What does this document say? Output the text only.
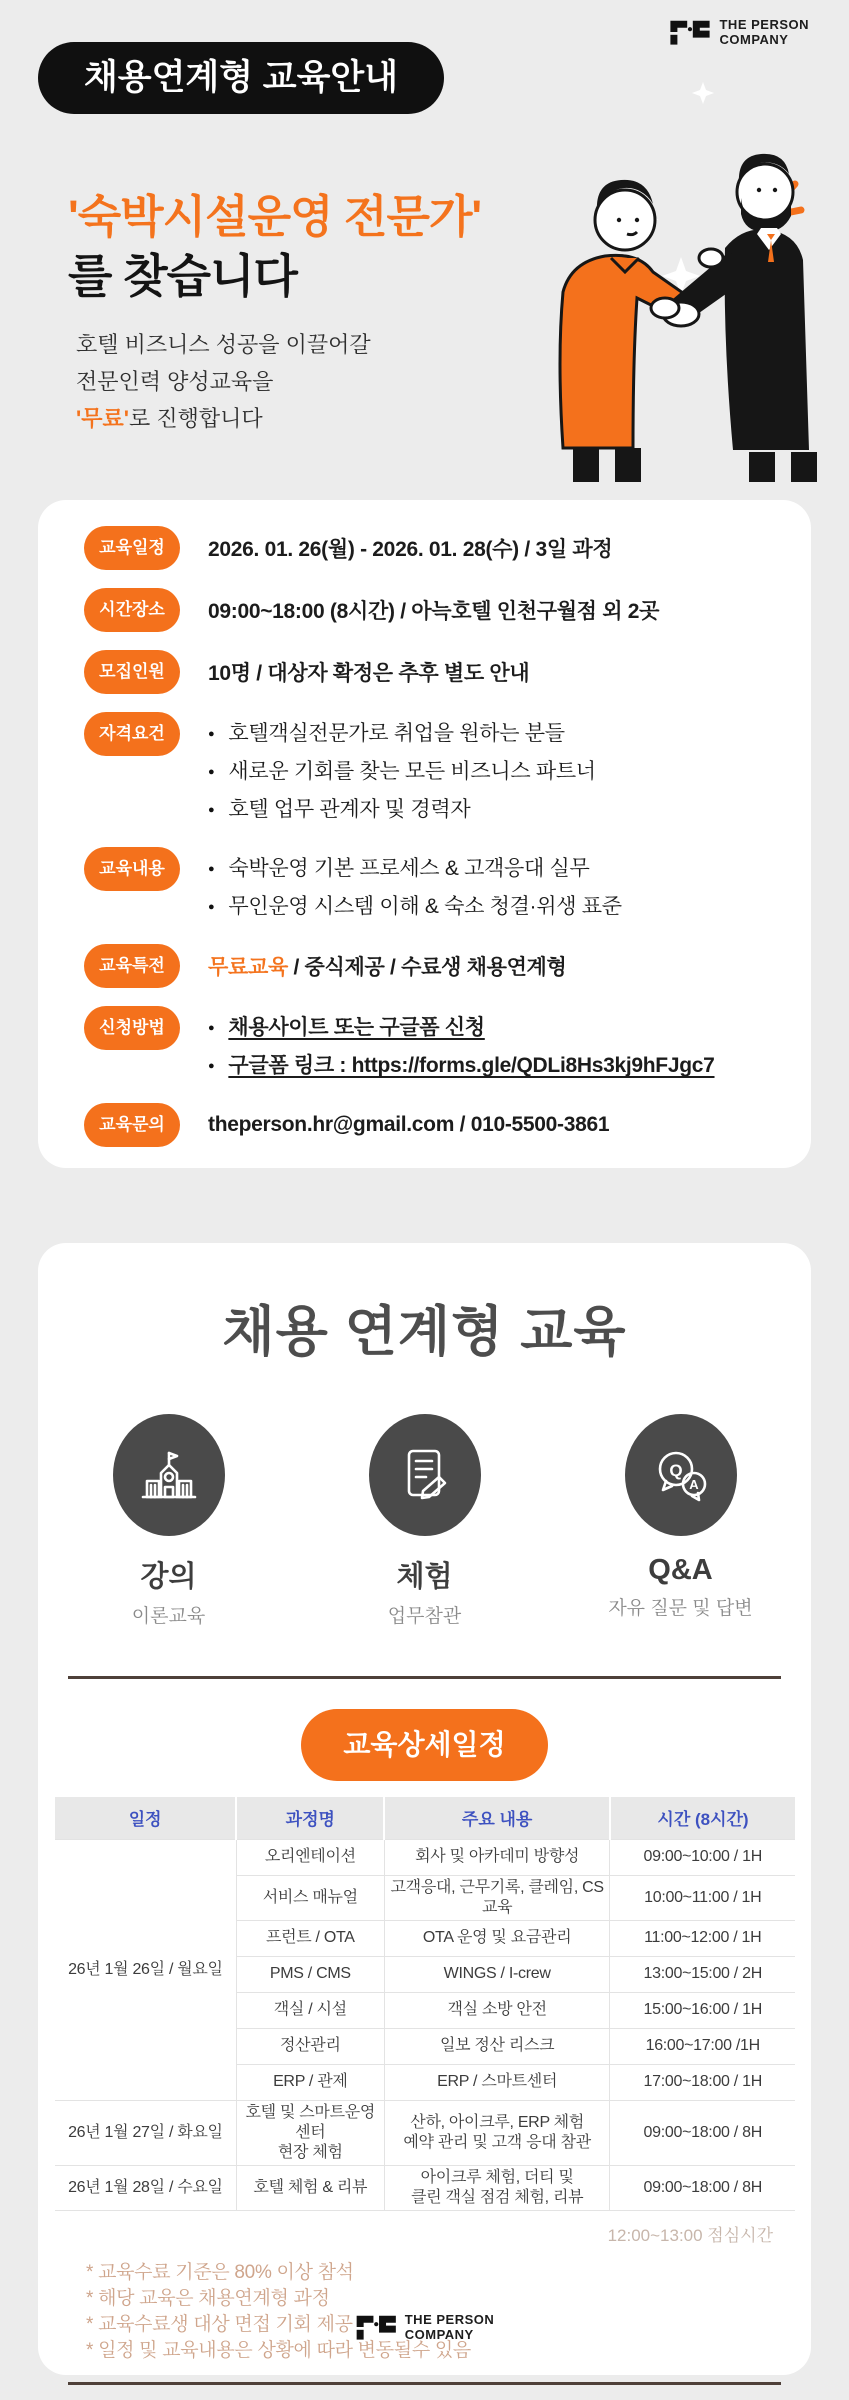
THE PERSON
COMPANY
채용연계형 교육안내
'숙박시설운영 전문가'
를 찾습니다
호텔 비즈니스 성공을 이끌어갈
전문인력 양성교육을
'무료'로 진행합니다
교육일정	2026. 01. 26(월) - 2026. 01. 28(수) / 3일 과정
시간장소	09:00~18:00 (8시간) / 아늑호텔 인천구월점 외 2곳
모집인원	10명 / 대상자 확정은 추후 별도 안내
자격요건	● 호텔객실전문가로 취업을 원하는 분들
● 새로운 기회를 찾는 모든 비즈니스 파트너
● 호텔 업무 관계자 및 경력자
교육내용	● 숙박운영 기본 프로세스 & 고객응대 실무
● 무인운영 시스템 이해 & 숙소 청결·위생 표준
교육특전	무료교육 / 중식제공 / 수료생 채용연계형
신청방법	● 채용사이트 또는 구글폼 신청
● 구글폼 링크 : https://forms.gle/QDLi8Hs3kj9hFJgc7
교육문의	theperson.hr@gmail.com / 010-5500-3861
채용 연계형 교육
강의
이론교육
체험
업무참관
Q
A
Q&A
자유 질문 및 답변
교육상세일정
일정	과정명	주요 내용	시간 (8시간)

26년 1월 26일 / 월요일	오리엔테이션	회사 및 아카데미 방향성	09:00~10:00 / 1H

	서비스 매뉴얼	고객응대, 근무기록, 클레임, CS교육	10:00~11:00 / 1H

	프런트 / OTA	OTA 운영 및 요금관리	11:00~12:00 / 1H

	PMS / CMS	WINGS / I-crew	13:00~15:00 / 2H

	객실 / 시설	객실 소방 안전	15:00~16:00 / 1H

	정산관리	일보 정산 리스크	16:00~17:00 /1H

	ERP / 관제	ERP / 스마트센터	17:00~18:00 / 1H

26년 1월 27일 / 화요일	호텔 및 스마트운영센터
현장 체험	산하, 아이크루, ERP 체험
예약 관리 및 고객 응대 참관	09:00~18:00 / 8H

26년 1월 28일 / 수요일	호텔 체험 & 리뷰	아이크루 체험, 더티 및
클린 객실 점검 체험, 리뷰	09:00~18:00 / 8H
12:00~13:00 점심시간
* 교육수료 기준은 80% 이상 참석
* 해당 교육은 채용연계형 과정
* 교육수료생 대상 면접 기회 제공
* 일정 및 교육내용은 상황에 따라 변동될수 있음
THE PERSON
COMPANY
